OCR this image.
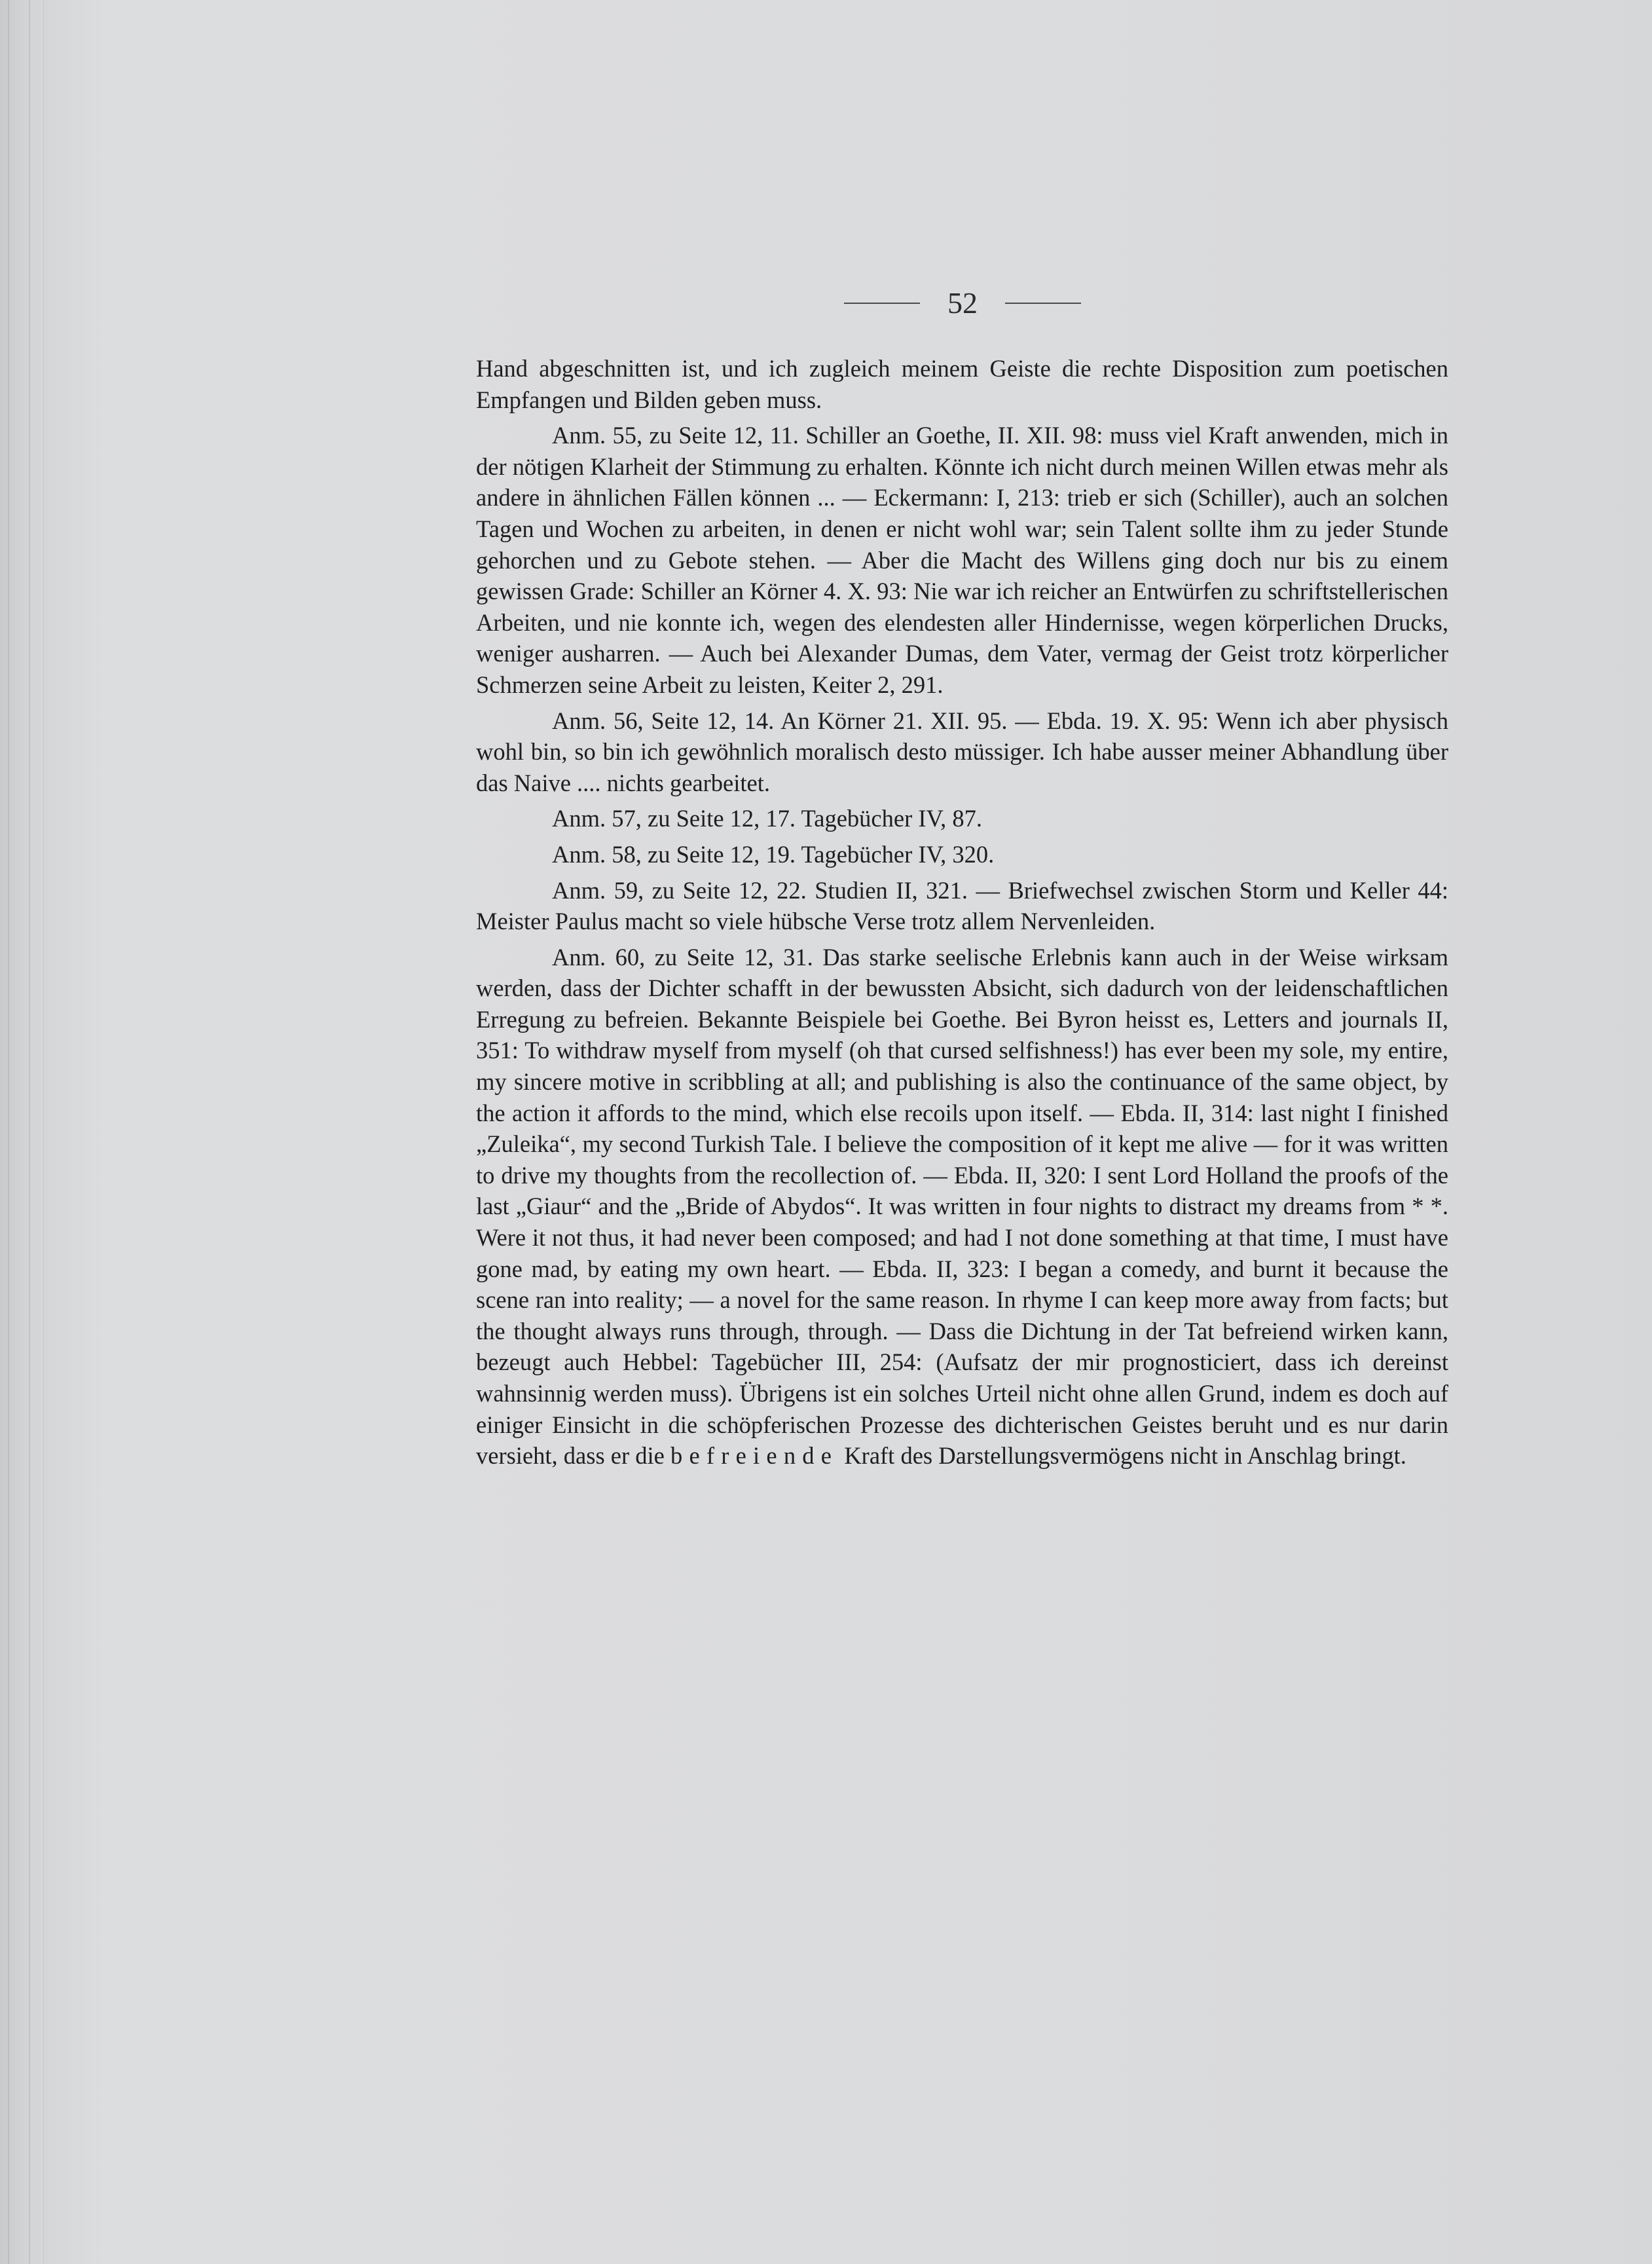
52

Hand abgeschnitten ist, und ich zugleich meinem Geiste die rechte Disposition zum poetischen Empfangen und Bilden geben muss.

Anm. 55, zu Seite 12, 11. Schiller an Goethe, II. XII. 98: muss viel Kraft anwenden, mich in der nötigen Klarheit der Stimmung zu erhalten. Könnte ich nicht durch meinen Willen etwas mehr als andere in ähnlichen Fällen können ... — Eckermann: I, 213: trieb er sich (Schiller), auch an solchen Tagen und Wochen zu arbeiten, in denen er nicht wohl war; sein Talent sollte ihm zu jeder Stunde gehorchen und zu Gebote stehen. — Aber die Macht des Willens ging doch nur bis zu einem gewissen Grade: Schiller an Körner 4. X. 93: Nie war ich reicher an Entwürfen zu schriftstellerischen Arbeiten, und nie konnte ich, wegen des elendesten aller Hindernisse, wegen körperlichen Drucks, weniger ausharren. — Auch bei Alexander Dumas, dem Vater, vermag der Geist trotz körperlicher Schmerzen seine Arbeit zu leisten, Keiter 2, 291.

Anm. 56, Seite 12, 14. An Körner 21. XII. 95. — Ebda. 19. X. 95: Wenn ich aber physisch wohl bin, so bin ich gewöhnlich moralisch desto müssiger. Ich habe ausser meiner Abhandlung über das Naive .... nichts gearbeitet.

Anm. 57, zu Seite 12, 17. Tagebücher IV, 87.

Anm. 58, zu Seite 12, 19. Tagebücher IV, 320.

Anm. 59, zu Seite 12, 22. Studien II, 321. — Briefwechsel zwischen Storm und Keller 44: Meister Paulus macht so viele hübsche Verse trotz allem Nervenleiden.

Anm. 60, zu Seite 12, 31. Das starke seelische Erlebnis kann auch in der Weise wirksam werden, dass der Dichter schafft in der bewussten Absicht, sich dadurch von der leidenschaftlichen Erregung zu befreien. Bekannte Beispiele bei Goethe. Bei Byron heisst es, Letters and journals II, 351: To withdraw myself from myself (oh that cursed selfishness!) has ever been my sole, my entire, my sincere motive in scribbling at all; and publishing is also the continuance of the same object, by the action it affords to the mind, which else recoils upon itself. — Ebda. II, 314: last night I finished „Zuleika“, my second Turkish Tale. I believe the composition of it kept me alive — for it was written to drive my thoughts from the recollection of. — Ebda. II, 320: I sent Lord Holland the proofs of the last „Giaur“ and the „Bride of Abydos“. It was written in four nights to distract my dreams from * *. Were it not thus, it had never been composed; and had I not done something at that time, I must have gone mad, by eating my own heart. — Ebda. II, 323: I began a comedy, and burnt it because the scene ran into reality; — a novel for the same reason. In rhyme I can keep more away from facts; but the thought always runs through, through. — Dass die Dichtung in der Tat befreiend wirken kann, bezeugt auch Hebbel: Tagebücher III, 254: (Aufsatz der mir prognosticiert, dass ich dereinst wahnsinnig werden muss). Übrigens ist ein solches Urteil nicht ohne allen Grund, indem es doch auf einiger Einsicht in die schöpferischen Prozesse des dichterischen Geistes beruht und es nur darin versieht, dass er die befreiende Kraft des Darstellungsvermögens nicht in Anschlag bringt.
